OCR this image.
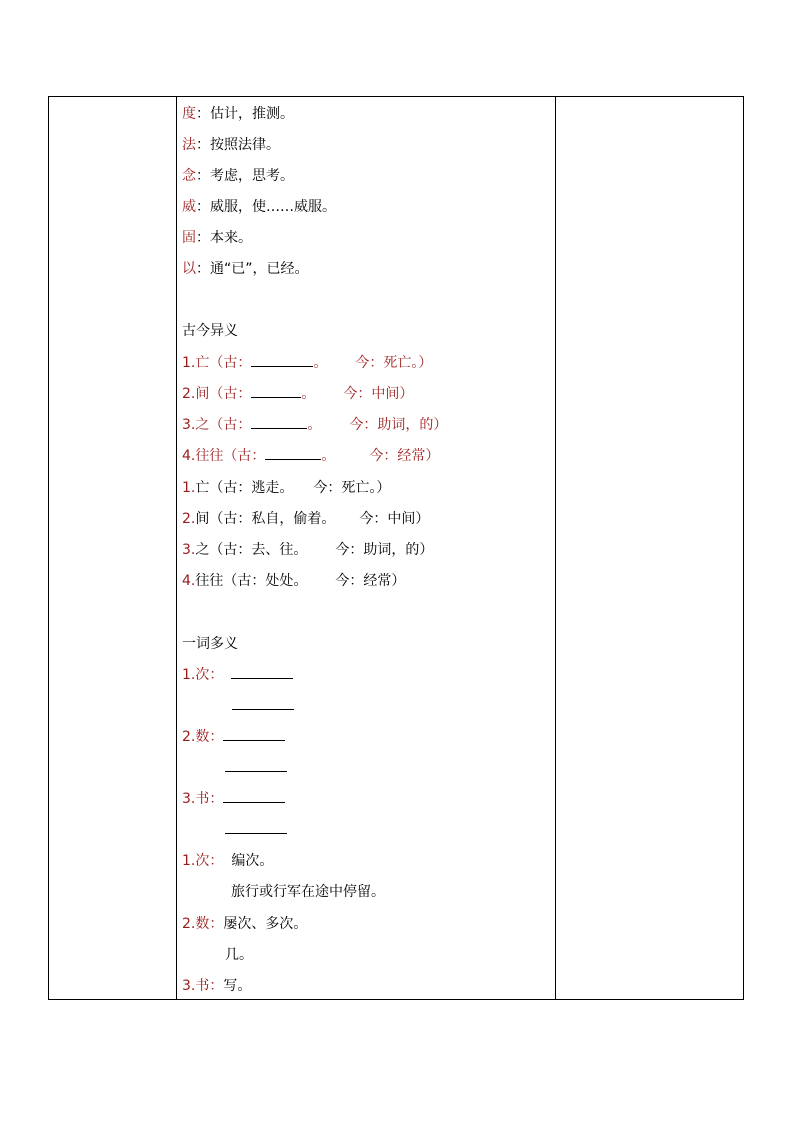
度：估计，推测。
法：按照法律。
念：考虑，思考。
威：威服，使……威服。
固：本来。
以：通“已”，已经。
古今异义
1.亡（古：	。 今：死亡。）
2.间（古：	。 今：中间）
3.之（古：	。 今：助词，的）
4.往往（古：	。 今：经常）
1.亡（古：逃走。 今：死亡。）
2.间（古：私自，偷着。 今：中间）
3.之（古：去、往。 今：助词，的）
4.往往（古：处处。 今：经常）
一词多义
1.次：
2.数：
3.书：
1.次： 编次。
旅行或行军在途中停留。
2.数：屡次、多次。
几。
3.书：写。
